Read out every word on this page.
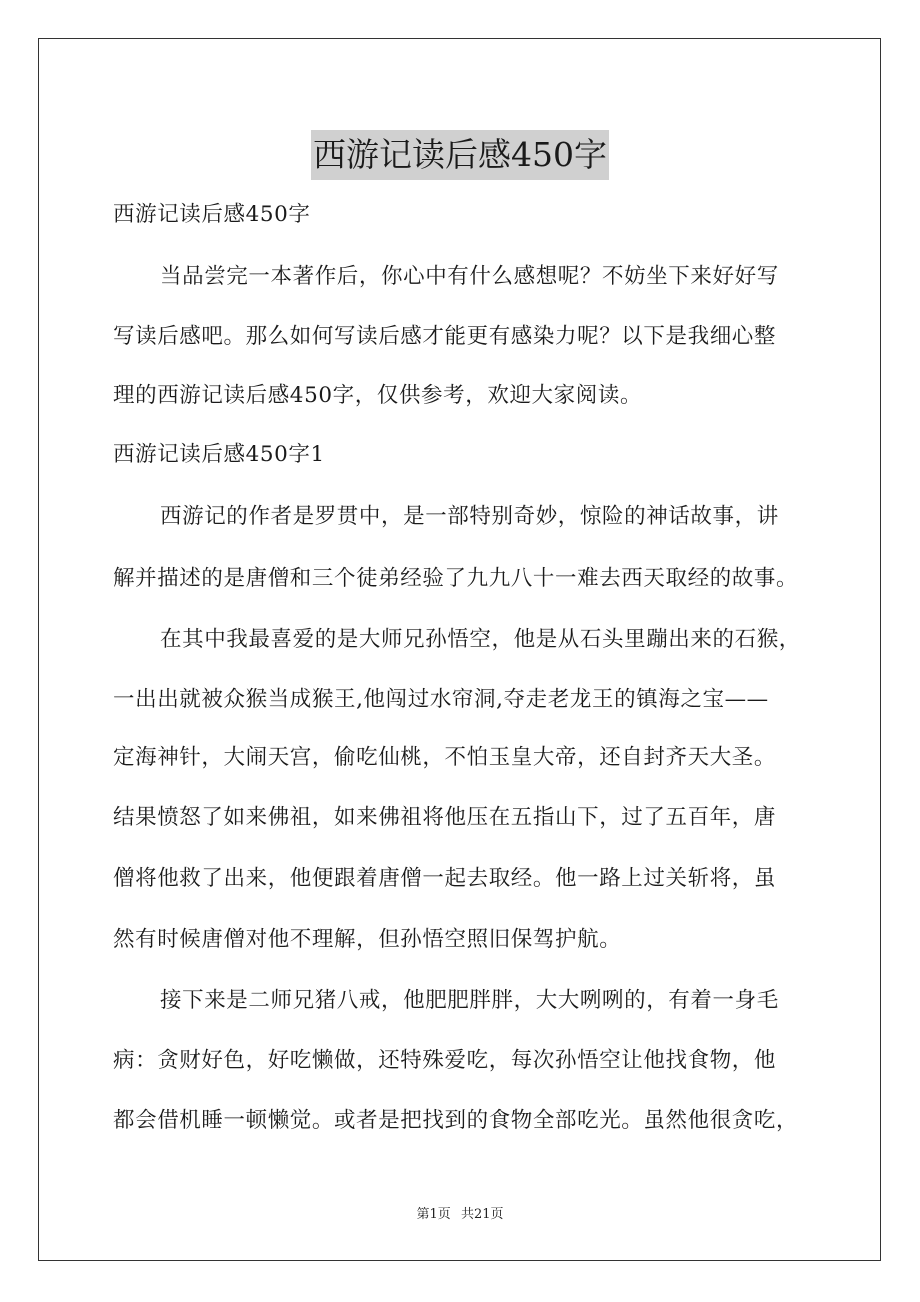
西游记读后感450字
西游记读后感450字
当品尝完一本著作后，你心中有什么感想呢？不妨坐下来好好写
写读后感吧。那么如何写读后感才能更有感染力呢？以下是我细心整
理的西游记读后感450字，仅供参考，欢迎大家阅读。
西游记读后感450字1
西游记的作者是罗贯中，是一部特别奇妙，惊险的神话故事，讲
解并描述的是唐僧和三个徒弟经验了九九八十一难去西天取经的故事。
在其中我最喜爱的是大师兄孙悟空，他是从石头里蹦出来的石猴，
一出出就被众猴当成猴王,他闯过水帘洞,夺走老龙王的镇海之宝——
定海神针，大闹天宫，偷吃仙桃，不怕玉皇大帝，还自封齐天大圣。
结果愤怒了如来佛祖，如来佛祖将他压在五指山下，过了五百年，唐
僧将他救了出来，他便跟着唐僧一起去取经。他一路上过关斩将，虽
然有时候唐僧对他不理解，但孙悟空照旧保驾护航。
接下来是二师兄猪八戒，他肥肥胖胖，大大咧咧的，有着一身毛
病：贪财好色，好吃懒做，还特殊爱吃，每次孙悟空让他找食物，他
都会借机睡一顿懒觉。或者是把找到的食物全部吃光。虽然他很贪吃，
第1页 共21页
